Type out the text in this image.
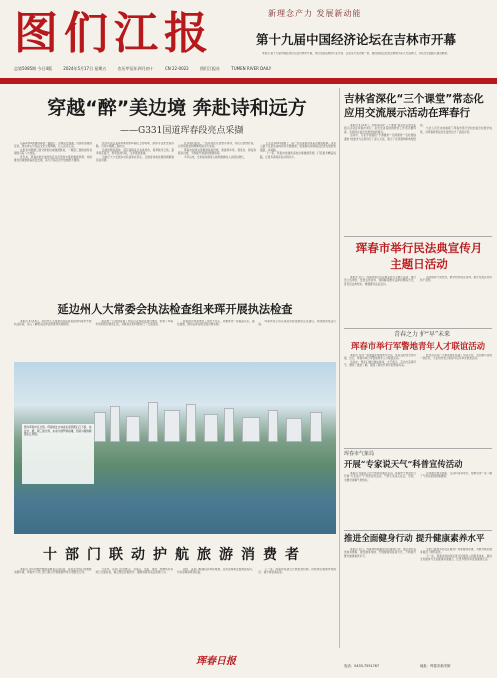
图们江报	新理念产力 发展新动能
第十九届中国经济论坛在吉林市开幕

本报讯 第十九届中国经济论坛在吉林市开幕，来自全国各地的专家学者、企业家代表齐聚一堂，围绕高质量发展主题展开深入交流研讨，为东北全面振兴建言献策。

总第5085期 今日4版	2024年5月17日 星期五	农历甲辰年四月初十	CN 22-0022	图们江报社	TUMEN RIVER DAILY
穿越“醉”美边境 奔赴诗和远方
——G331国道珲春段亮点采撷

沿着G331国道珲春段一路前行，边境风光如画，田园村落错落有致，绿水青山与民俗文化交相辉映，让人流连忘返。

这里是中朝俄三国交界的边境旅游胜地，一眼望三国的独特景观吸引着八方游客。

近年来，珲春市依托独特的区位优势和丰富的旅游资源，持续推进边境旅游高质量发展，着力打造沿边开放旅游大通道。

防川风景区是G331国道珲春段上的明珠，游客可在此登高远眺，尽览中俄朝三国风光。

沿途的敬信湿地、莲花湖等景点各具特色，春季候鸟云集，夏季荷花盛开，秋季层林尽染，冬季银装素裹。

当地还大力发展乡村民宿和农家乐，让游客体验浓郁的朝鲜族民俗风情。

在边境村落里，一座座特色民居整齐排列，村民们热情好客，以传统美食和歌舞迎接远方来客。

珲春市持续完善旅游基础设施，新建停车场、观景台、驿站等服务设施，不断提升游客的旅游体验。

今年以来，全市接待游客人数和旅游收入实现双增长。

行走在G331国道上，每一处风景都诉说着边境的故事。这条公路不仅是连接城乡的交通要道，更是推动边境地区经济发展的致富路、幸福路。

下一步，珲春市将继续深挖边境旅游资源，打造更多精品线路，让更多游客奔赴诗和远方。

吉林省深化“三个课堂”常态化应用交流展示活动在珲春行

本报讯 5月14日，吉林省深化“三个课堂”常态化应用交流展示活动在珲春市举行。来自全省各地的教育工作者齐聚珲春，共同探讨信息化教学的新模式。

活动中，专家学者围绕“专递课堂”“名师课堂”“名校网络课堂”的建设与应用进行了深入交流，展示了优秀课例和典型经验。

与会人员还实地参观了珲春市部分学校的信息化教学成果，对珲春教育信息化建设给予了高度评价。

珲春市举行民法典宣传月主题日活动

本报讯 近日，珲春市举行民法典宣传月主题日活动，通过设立咨询台、发放宣传资料、现场解答群众法律问题等方式，普及民法典知识，增强群众法治意识。

活动现场气氛热烈，群众纷纷驻足咨询，累计发放宣传资料千余份。

青春之力 护“早”未来
珲春市举行军警地青年人才联谊活动

本报讯 为进一步加强军警地青年交流，营造良好的交友环境，近日，珲春市举行军警地青年人才联谊活动。

活动中，青年们通过破冰游戏、才艺展示、互动交流等环节，增进了彼此了解，展现了新时代青年的青春风采。

此次活动为广大单身青年搭建了交流平台，受到参与者的一致好评，大家纷纷表示希望今后多举办此类活动。

珲春市气象局
开展“专家说天气”科普宣传活动

本报讯 为提高公众气象防灾减灾意识，珲春市气象局近日开展“专家说天气”科普宣传活动，气象专家深入社区、学校，为群众讲解气象知识。

活动通过图文展板、互动问答等形式，使群众进一步了解了气象灾害的防御措施。

推进全面健身行动 提升健康素养水平

本报讯 近日，珲春市积极推进全民健身行动，通过举办各类体育赛事、建设健身场地、开展健康讲座等方式，不断提升群众健康素养水平。

全市已建成多处社区健身广场和健身步道，为群众就近健身提供了便利条件。

下一步，珲春市将持续完善全民健身公共服务体系，推动全民健身与全民健康深度融合，让更多群众享受到健康生活。

延边州人大常委会执法检查组来珲开展执法检查

本报讯 5月15日，延边州人大常委会执法检查组来珲春市开展执法检查，深入了解相关法律法规贯彻实施情况。

检查组一行实地查看了相关企业和项目建设情况，听取了珲春市贯彻落实情况汇报，并就存在的问题进行了交流座谈。

检查组对珲春市的工作给予肯定，并要求进一步提高认识，强化措施，推动法律法规全面有效实施。

珲春市表示将认真落实检查组的意见建议，持续推进依法行政。

图为珲春市区全貌。珲春地处吉林省东南部图们江下游，地处中、俄、朝三国交界，东南与俄罗斯接壤，西南与朝鲜隔图们江相望。
十部门联动护航旅游消费者

本报讯 为切实维护旅游消费者合法权益，营造安全放心的旅游消费环境，珲春市十部门近日联合开展旅游市场专项整治行动。

行动中，各部门密切配合，对景区、宾馆、餐饮、购物场所等进行全面检查，重点整治价格欺诈、强制消费等违法违规行为。

同时，各部门畅通投诉举报渠道，及时受理和处置游客投诉，切实保障消费者权益。

下一步，珲春市将建立长效监管机制，持续规范旅游市场秩序，提升游客满意度。

珲春日报	电话：0433-7551767	地址：珲春市新安街
